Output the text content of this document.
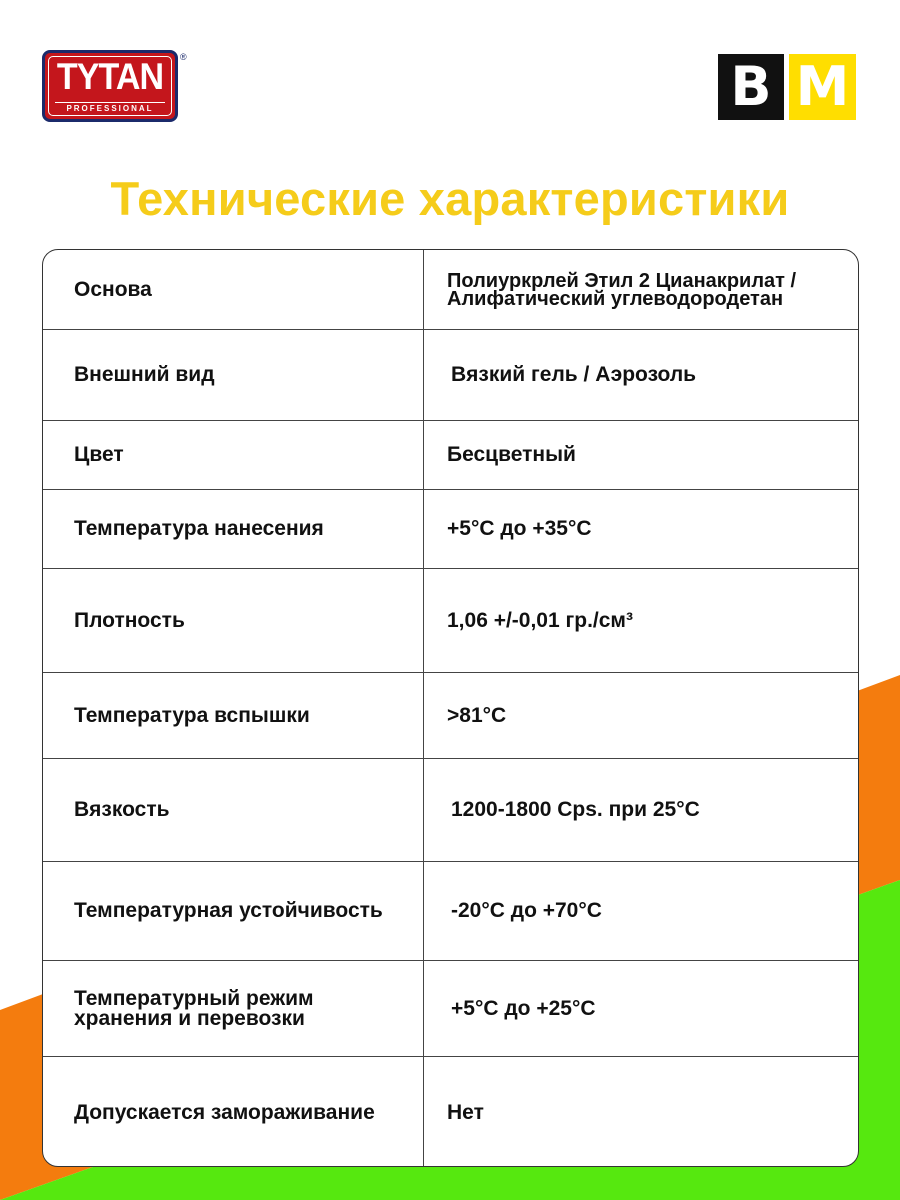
TYTAN
PROFESSIONAL
®	B M
Технические характеристики
Основа	Полиуркрлей Этил 2 Цианакрилат / Алифатический углеводородетан
Внешний вид	Вязкий гель / Аэрозоль
Цвет	Бесцветный
Температура нанесения	+5°C до +35°C
Плотность	1,06 +/-0,01 гр./см³
Температура вспышки	>81°C
Вязкость	1200-1800 Cps. при 25°C
Температурная устойчивость	-20°C до +70°C
Температурный режим хранения и перевозки	+5°C до +25°C
Допускается замораживание	Нет
